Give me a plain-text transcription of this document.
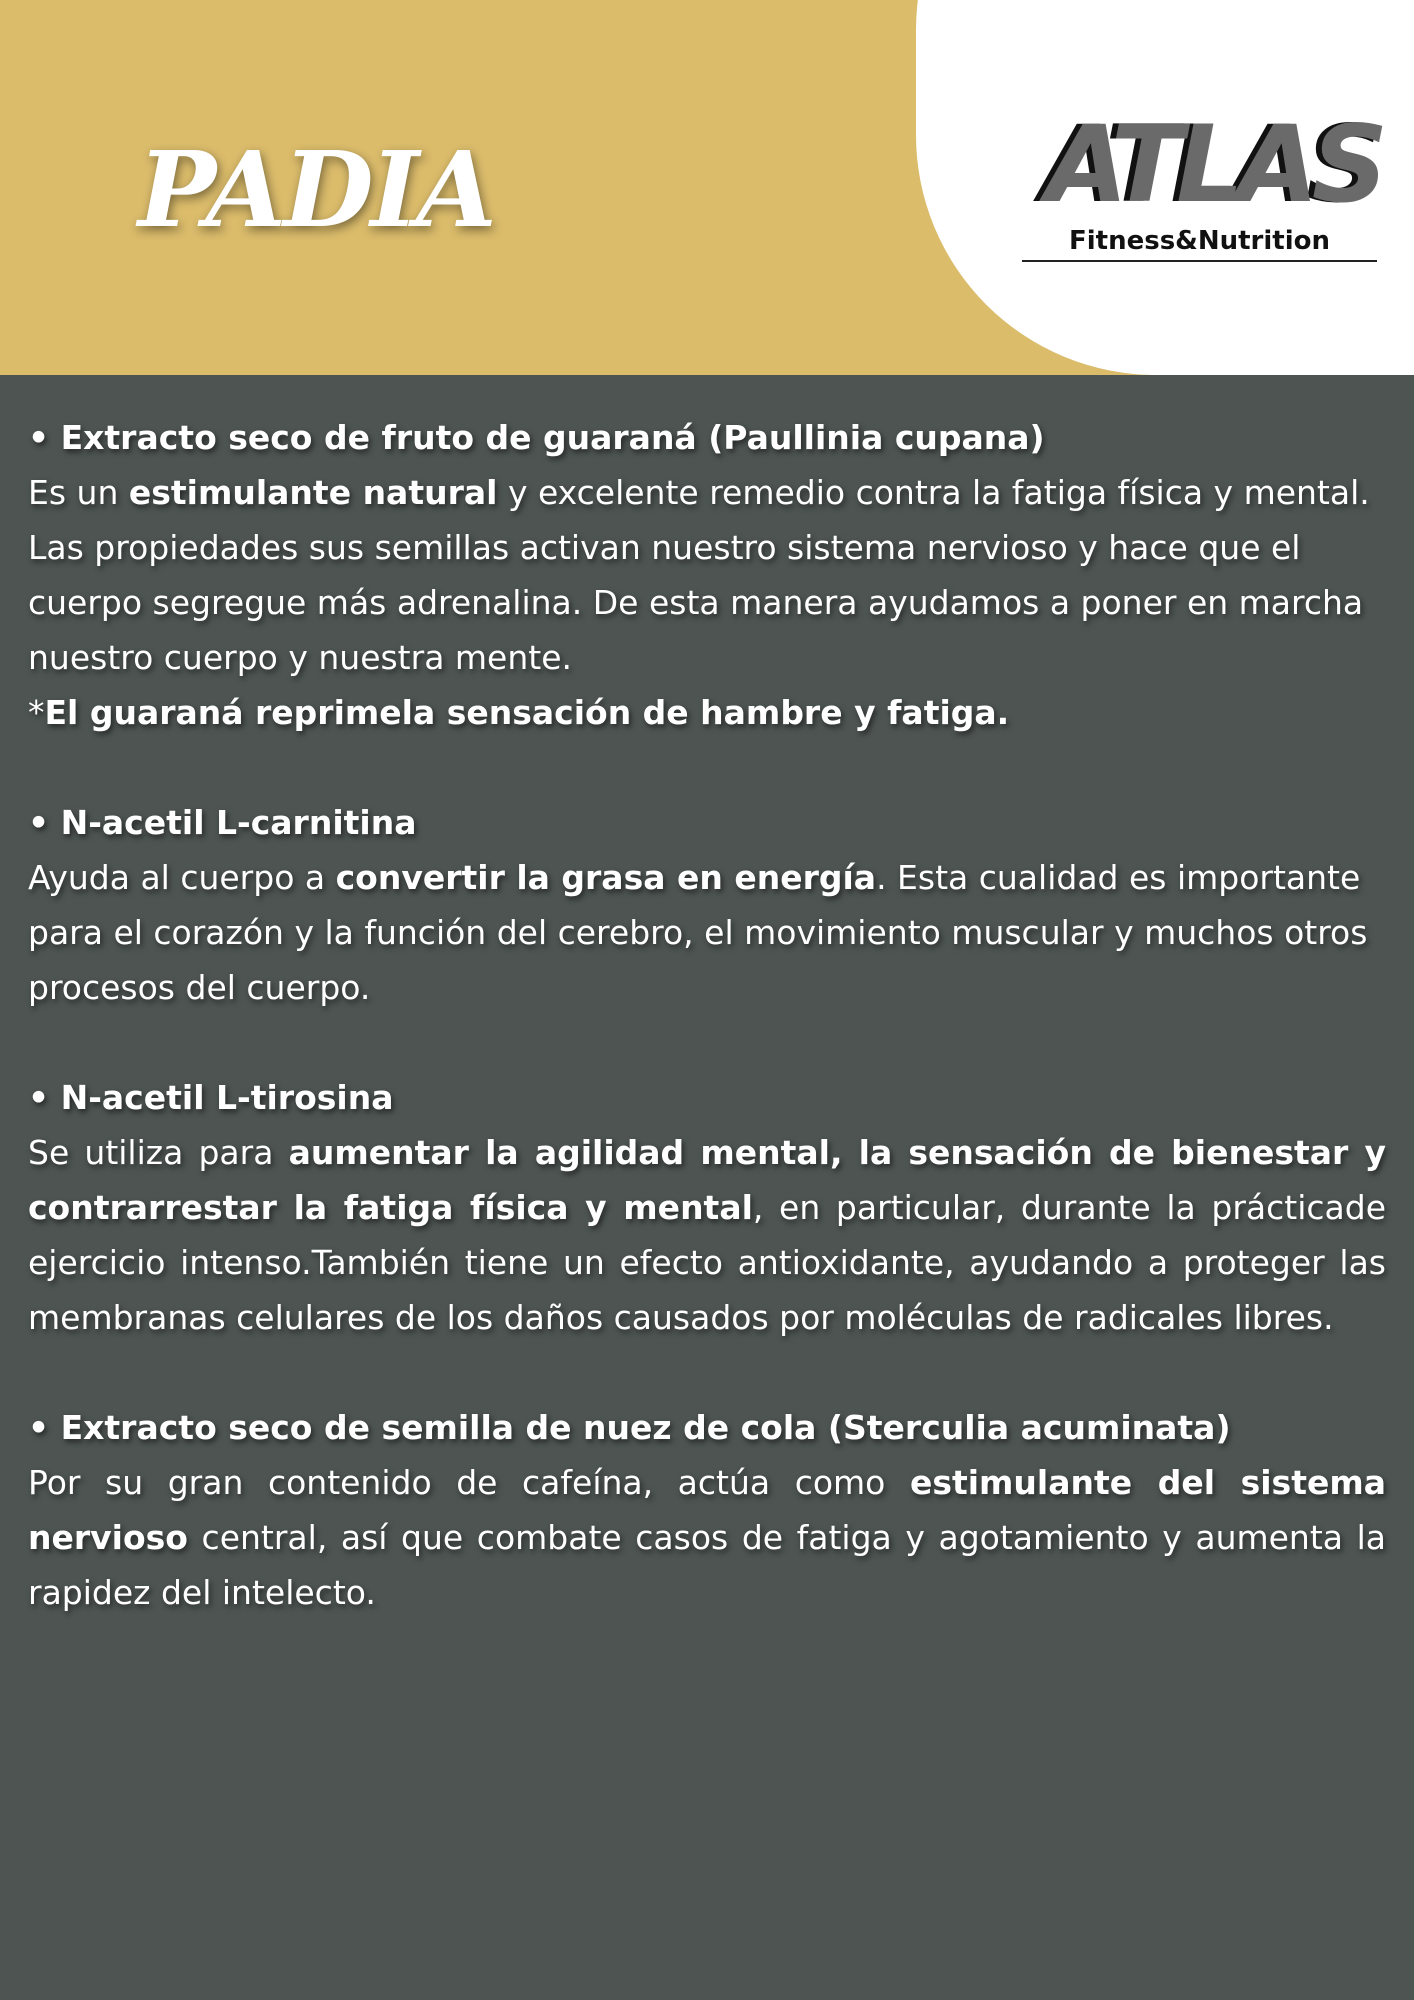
PADIA	ATLAS
Fitness&Nutrition

• Extracto seco de fruto de guaraná (Paullinia cupana)

Es un estimulante natural y excelente remedio contra la fatiga física y mental. Las propiedades sus semillas activan nuestro sistema nervioso y hace que el cuerpo segregue más adrenalina. De esta manera ayudamos a poner en marcha nuestro cuerpo y nuestra mente.

*El guaraná reprimela sensación de hambre y fatiga.

• N-acetil L-carnitina

Ayuda al cuerpo a convertir la grasa en energía. Esta cualidad es importante para el corazón y la función del cerebro, el movimiento muscular y muchos otros procesos del cuerpo.

• N-acetil L-tirosina

Se utiliza para aumentar la agilidad mental, la sensación de bienestar y contrarrestar la fatiga física y mental, en particular, durante la prácticade ejercicio intenso.También tiene un efecto antioxidante, ayudando a proteger las membranas celulares de los daños causados por moléculas de radicales libres.

• Extracto seco de semilla de nuez de cola (Sterculia acuminata)

Por su gran contenido de cafeína, actúa como estimulante del sistema nervioso central, así que combate casos de fatiga y agotamiento y aumenta la rapidez del intelecto.
